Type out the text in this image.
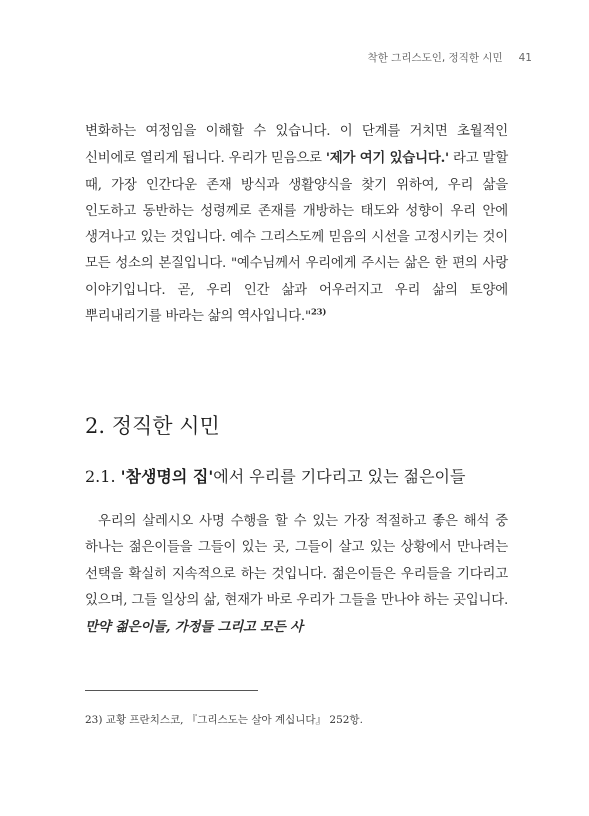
착한 그리스도인, 정직한 시민 41
변화하는 여정임을 이해할 수 있습니다. 이 단계를 거치면 초월적인 신비에로 열리게 됩니다. 우리가 믿음으로 '제가 여기 있습니다.' 라고 말할 때, 가장 인간다운 존재 방식과 생활양식을 찾기 위하여, 우리 삶을 인도하고 동반하는 성령께로 존재를 개방하는 태도와 성향이 우리 안에 생겨나고 있는 것입니다. 예수 그리스도께 믿음의 시선을 고정시키는 것이 모든 성소의 본질입니다. "예수님께서 우리에게 주시는 삶은 한 편의 사랑 이야기입니다. 곧, 우리 인간 삶과 어우러지고 우리 삶의 토양에 뿌리내리기를 바라는 삶의 역사입니다."$^{23)}$
2. 정직한 시민
2.1. '참생명의 집'에서 우리를 기다리고 있는 젊은이들
우리의 살레시오 사명 수행을 할 수 있는 가장 적절하고 좋은 해석 중 하나는 젊은이들을 그들이 있는 곳, 그들이 살고 있는 상황에서 만나려는 선택을 확실히 지속적으로 하는 것입니다. 젊은이들은 우리들을 기다리고 있으며, 그들 일상의 삶, 현재가 바로 우리가 그들을 만나야 하는 곳입니다. 만약 젊은이들, 가정들 그리고 모든 사
23) 교황 프란치스코, 『그리스도는 살아 계십니다』 252항.
